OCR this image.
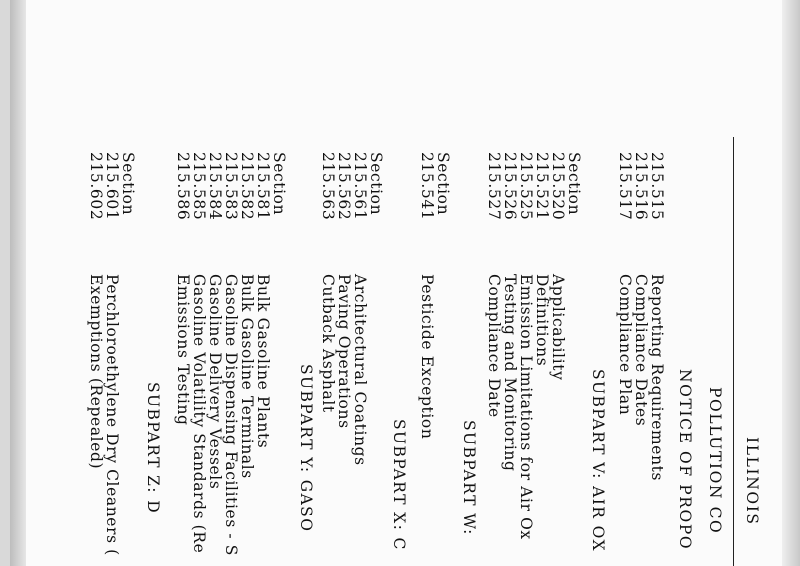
ILLINOIS
POLLUTION CO
NOTICE OF PROPO
215.515
Reporting Requirements
215.516
Compliance Dates
215.517
Compliance Plan
SUBPART V: AIR OX
Section
215.520
Applicability
215.521
Definitions
215.525
Emission Limitations for Air Ox
215.526
Testing and Monitoring
215.527
Compliance Date
SUBPART W:
Section
215.541
Pesticide Exception
SUBPART X: C
Section
215.561
Architectural Coatings
215.562
Paving Operations
215.563
Cutback Asphalt
SUBPART Y: GASO
Section
215.581
Bulk Gasoline Plants
215.582
Bulk Gasoline Terminals
215.583
Gasoline Dispensing Facilities - S
215.584
Gasoline Delivery Vessels
215.585
Gasoline Volatility Standards (Re
215.586
Emissions Testing
SUBPART Z: D
Section
215.601
Perchloroethylene Dry Cleaners (
215.602
Exemptions (Repealed)
